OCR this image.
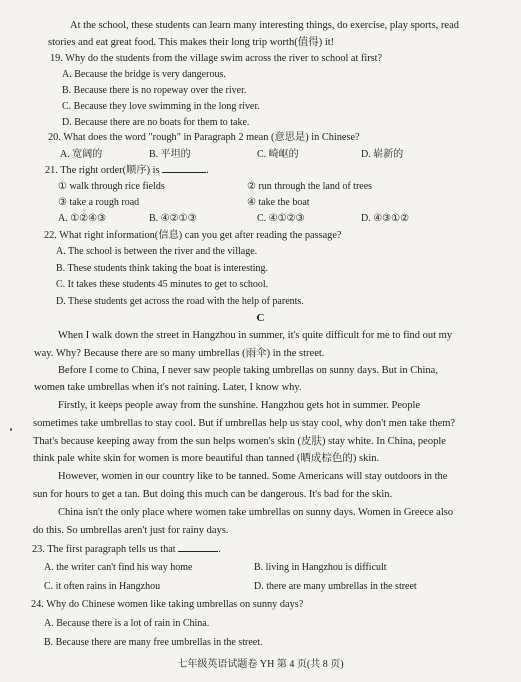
At the school, these students can learn many interesting things, do exercise, play sports, read
stories and eat great food. This makes their long trip worth(值得) it!
19. Why do the students from the village swim across the river to school at first?
A. Because the bridge is very dangerous.
B. Because there is no ropeway over the river.
C. Because they love swimming in the long river.
D. Because there are no boats for them to take.
20. What does the word "rough" in Paragraph 2 mean (意思是) in Chinese?
A. 宽阔的	B. 平坦的	C. 崎岖的	D. 崭新的
21. The right order(顺序) is	.
① walk through rice fields	② run through the land of trees
③ take a rough road	④ take the boat
A. ①②④③	B. ④②①③	C. ④①②③	D. ④③①②
22. What right information(信息) can you get after reading the passage?
A. The school is between the river and the village.
B. These students think taking the boat is interesting.
C. It takes these students 45 minutes to get to school.
D. These students get across the road with the help of parents.
C
When I walk down the street in Hangzhou in summer, it's quite difficult for me to find out my
way. Why? Because there are so many umbrellas (雨伞) in the street.
Before I come to China, I never saw people taking umbrellas on sunny days. But in China,
women take umbrellas when it's not raining. Later, I know why.
Firstly, it keeps people away from the sunshine. Hangzhou gets hot in summer. People
sometimes take umbrellas to stay cool. But if umbrellas help us stay cool, why don't men take them?
That's because keeping away from the sun helps women's skin (皮肤) stay white. In China, people
think pale white skin for women is more beautiful than tanned (晒成棕色的) skin.
However, women in our country like to be tanned. Some Americans will stay outdoors in the
sun for hours to get a tan. But doing this much can be dangerous. It's bad for the skin.
China isn't the only place where women take umbrellas on sunny days. Women in Greece also
do this. So umbrellas aren't just for rainy days.
23. The first paragraph tells us that	.
A. the writer can't find his way home	B. living in Hangzhou is difficult
C. it often rains in Hangzhou	D. there are many umbrellas in the street
24. Why do Chinese women like taking umbrellas on sunny days?
A. Because there is a lot of rain in China.
B. Because there are many free umbrellas in the street.
七年级英语试题卷 YH 第 4 页(共 8 页)
